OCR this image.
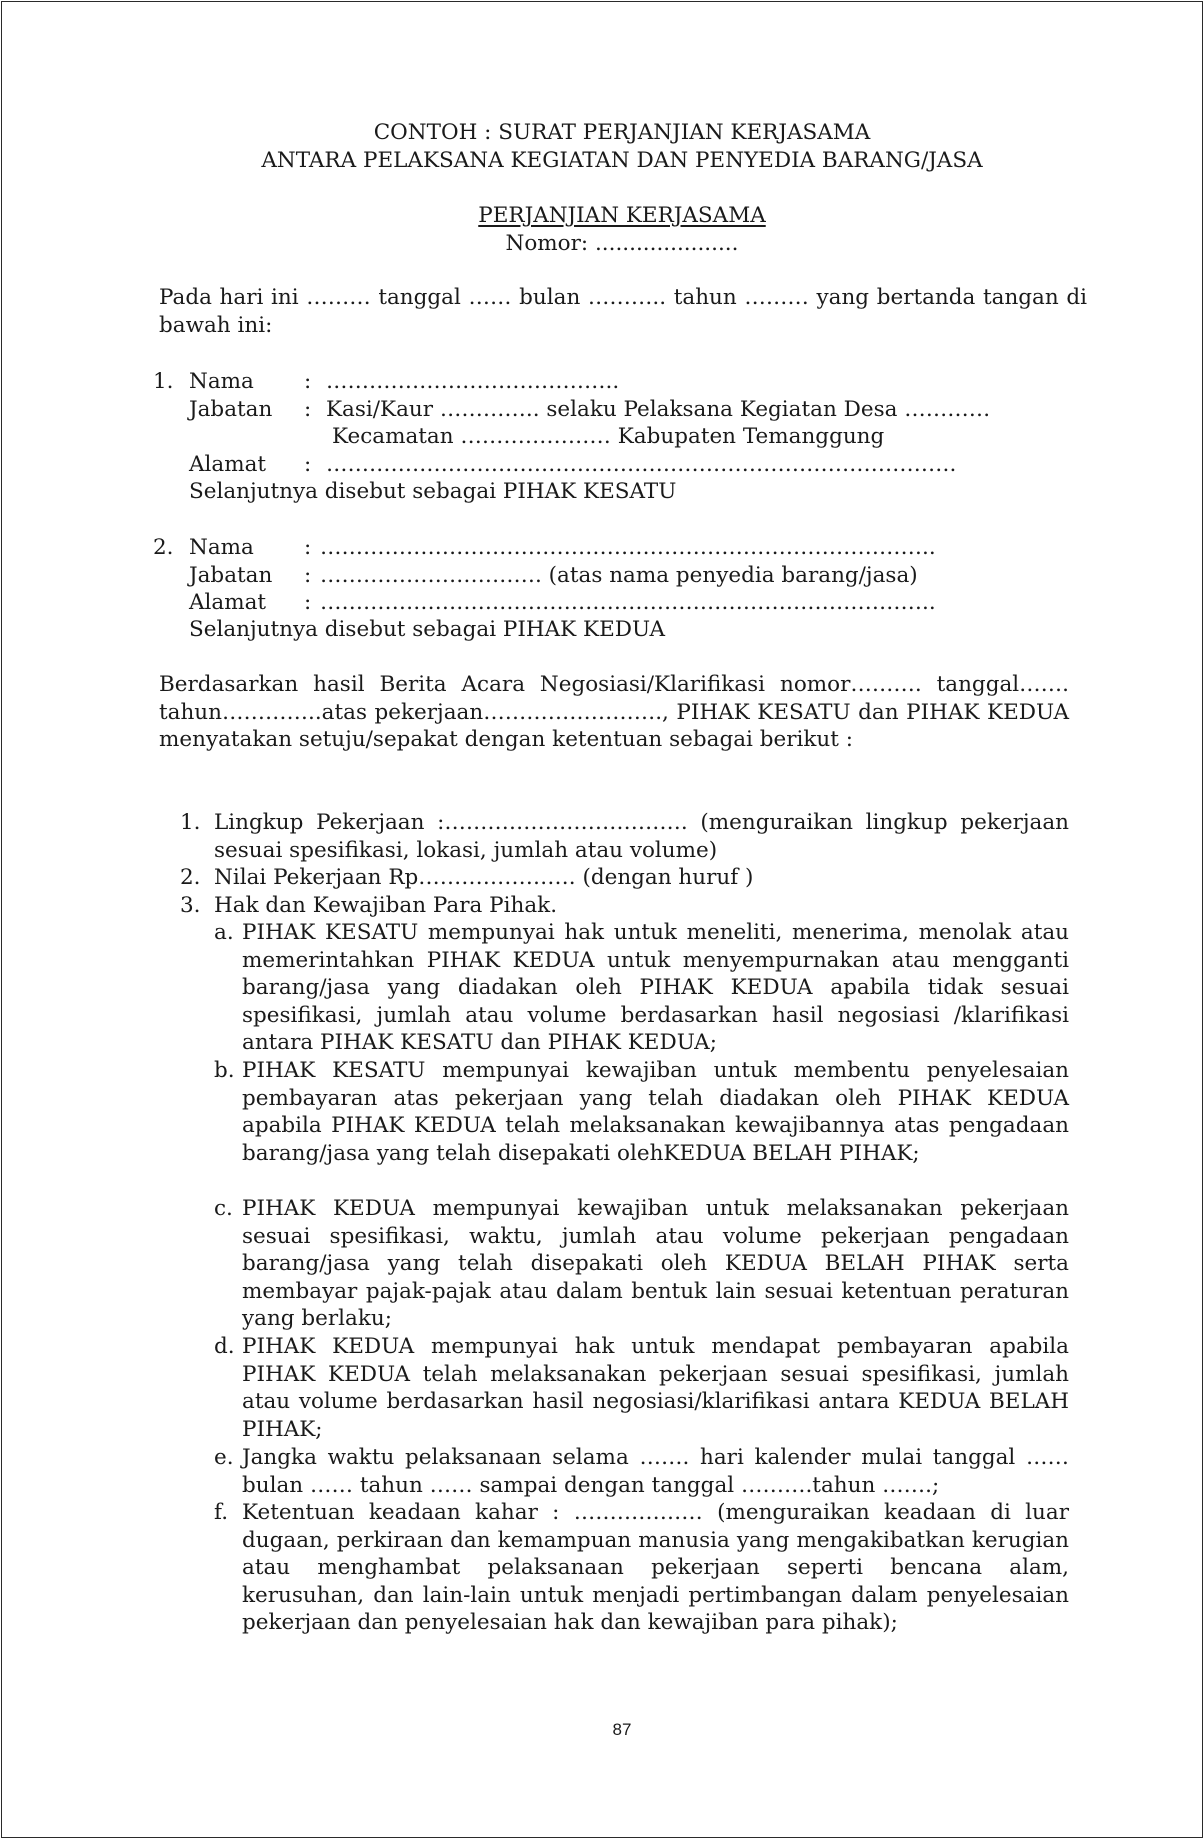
CONTOH : SURAT PERJANJIAN KERJASAMA
ANTARA PELAKSANA KEGIATAN DAN PENYEDIA BARANG/JASA
PERJANJIAN KERJASAMA
Nomor: .....................
Pada hari ini ……… tanggal …… bulan ……….. tahun ……… yang bertanda tangan di bawah ini:
1. Nama : …………………………………..
Jabatan : Kasi/Kaur ………….. selaku Pelaksana Kegiatan Desa …………
Kecamatan ………………… Kabupaten Temanggung
Alamat : …………………………………………………………………………….
Selanjutnya disebut sebagai PIHAK KESATU
2. Nama : …………………………………………………………………………..
Jabatan : …………………………. (atas nama penyedia barang/jasa)
Alamat : …………………………………………………………………………..
Selanjutnya disebut sebagai PIHAK KEDUA
Berdasarkan hasil Berita Acara Negosiasi/Klarifikasi nomor………. tanggal……. tahun…………..atas pekerjaan……………………., PIHAK KESATU dan PIHAK KEDUA menyatakan setuju/sepakat dengan ketentuan sebagai berikut :
1. Lingkup Pekerjaan :……………………………. (menguraikan lingkup pekerjaan sesuai spesifikasi, lokasi, jumlah atau volume)
2. Nilai Pekerjaan Rp…………………. (dengan huruf )
3. Hak dan Kewajiban Para Pihak.
a. PIHAK KESATU mempunyai hak untuk meneliti, menerima, menolak atau memerintahkan PIHAK KEDUA untuk menyempurnakan atau mengganti barang/jasa yang diadakan oleh PIHAK KEDUA apabila tidak sesuai spesifikasi, jumlah atau volume berdasarkan hasil negosiasi /klarifikasi antara PIHAK KESATU dan PIHAK KEDUA;
b. PIHAK KESATU mempunyai kewajiban untuk membentu penyelesaian pembayaran atas pekerjaan yang telah diadakan oleh PIHAK KEDUA apabila PIHAK KEDUA telah melaksanakan kewajibannya atas pengadaan barang/jasa yang telah disepakati olehKEDUA BELAH PIHAK;
c. PIHAK KEDUA mempunyai kewajiban untuk melaksanakan pekerjaan sesuai spesifikasi, waktu, jumlah atau volume pekerjaan pengadaan barang/jasa yang telah disepakati oleh KEDUA BELAH PIHAK serta membayar pajak-pajak atau dalam bentuk lain sesuai ketentuan peraturan yang berlaku;
d. PIHAK KEDUA mempunyai hak untuk mendapat pembayaran apabila PIHAK KEDUA telah melaksanakan pekerjaan sesuai spesifikasi, jumlah atau volume berdasarkan hasil negosiasi/klarifikasi antara KEDUA BELAH PIHAK;
e. Jangka waktu pelaksanaan selama ……. hari kalender mulai tanggal …… bulan …… tahun …… sampai dengan tanggal ……….tahun …….;
f. Ketentuan keadaan kahar : ……………… (menguraikan keadaan di luar dugaan, perkiraan dan kemampuan manusia yang mengakibatkan kerugian atau menghambat pelaksanaan pekerjaan seperti bencana alam, kerusuhan, dan lain-lain untuk menjadi pertimbangan dalam penyelesaian pekerjaan dan penyelesaian hak dan kewajiban para pihak);
87
